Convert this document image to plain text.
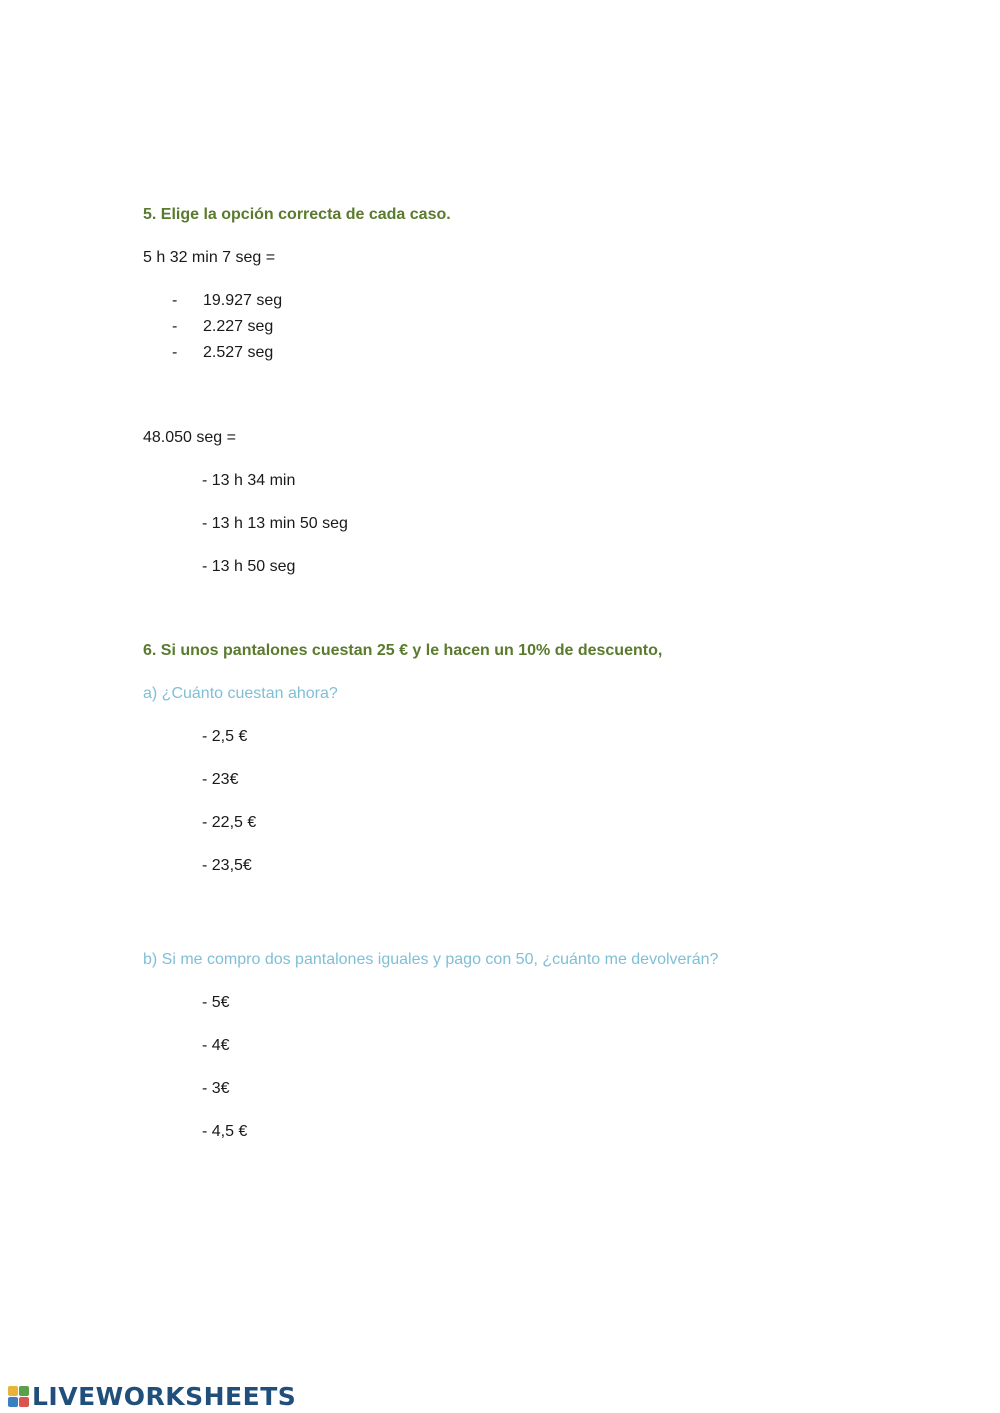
5. Elige la opción correcta de cada caso.
5 h 32 min 7 seg =
- 19.927 seg
- 2.227 seg
- 2.527 seg
48.050 seg =
- 13 h 34 min
- 13 h 13 min 50 seg
- 13 h 50 seg
6. Si unos pantalones cuestan 25 € y le hacen un 10% de descuento,
a) ¿Cuánto cuestan ahora?
- 2,5 €
- 23€
- 22,5 €
- 23,5€
b) Si me compro dos pantalones iguales y pago con 50, ¿cuánto me devolverán?
- 5€
- 4€
- 3€
- 4,5 €
LIVEWORKSHEETS
